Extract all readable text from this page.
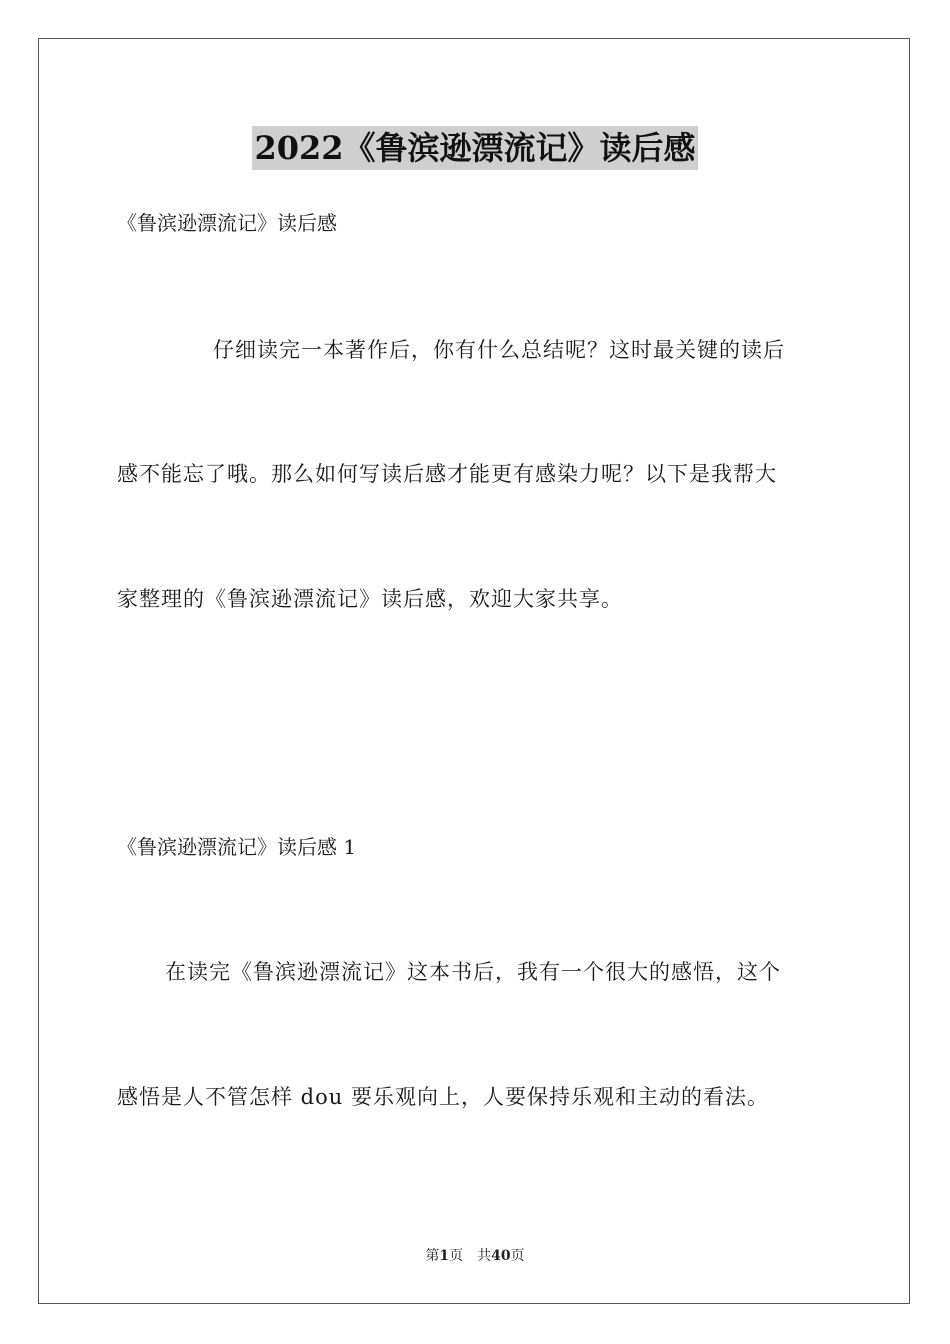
2022《鲁滨逊漂流记》读后感
《鲁滨逊漂流记》读后感
仔细读完一本著作后，你有什么总结呢？这时最关键的读后
感不能忘了哦。那么如何写读后感才能更有感染力呢？以下是我帮大
家整理的《鲁滨逊漂流记》读后感，欢迎大家共享。
《鲁滨逊漂流记》读后感 1
在读完《鲁滨逊漂流记》这本书后，我有一个很大的感悟，这个
感悟是人不管怎样 dou 要乐观向上，人要保持乐观和主动的看法。
第1页 共40页
